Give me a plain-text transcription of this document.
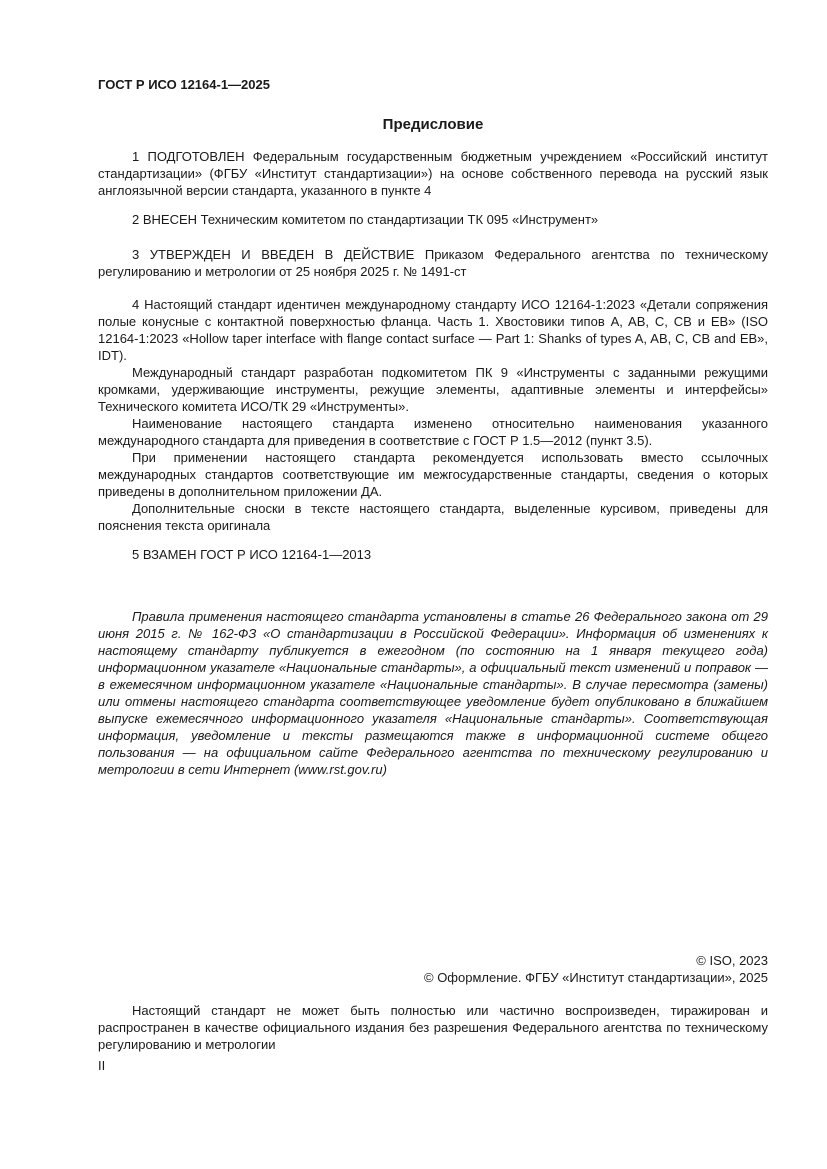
ГОСТ Р ИСО 12164-1—2025
Предисловие

1 ПОДГОТОВЛЕН Федеральным государственным бюджетным учреждением «Российский институт стандартизации» (ФГБУ «Институт стандартизации») на основе собственного перевода на русский язык англоязычной версии стандарта, указанного в пункте 4

2 ВНЕСЕН Техническим комитетом по стандартизации ТК 095 «Инструмент»

3 УТВЕРЖДЕН И ВВЕДЕН В ДЕЙСТВИЕ Приказом Федерального агентства по техническому регулированию и метрологии от 25 ноября 2025 г. № 1491-ст

4 Настоящий стандарт идентичен международному стандарту ИСО 12164-1:2023 «Детали сопряжения полые конусные с контактной поверхностью фланца. Часть 1. Хвостовики типов A, AB, C, CB и EB» (ISO 12164-1:2023 «Hollow taper interface with flange contact surface — Part 1: Shanks of types A, AB, C, CB and EB», IDT).

Международный стандарт разработан подкомитетом ПК 9 «Инструменты с заданными режущими кромками, удерживающие инструменты, режущие элементы, адаптивные элементы и интерфейсы» Технического комитета ИСО/ТК 29 «Инструменты».

Наименование настоящего стандарта изменено относительно наименования указанного международного стандарта для приведения в соответствие с ГОСТ Р 1.5—2012 (пункт 3.5).

При применении настоящего стандарта рекомендуется использовать вместо ссылочных международных стандартов соответствующие им межгосударственные стандарты, сведения о которых приведены в дополнительном приложении ДА.

Дополнительные сноски в тексте настоящего стандарта, выделенные курсивом, приведены для пояснения текста оригинала

5 ВЗАМЕН ГОСТ Р ИСО 12164-1—2013

Правила применения настоящего стандарта установлены в статье 26 Федерального закона от 29 июня 2015 г. № 162-ФЗ «О стандартизации в Российской Федерации». Информация об изменениях к настоящему стандарту публикуется в ежегодном (по состоянию на 1 января текущего года) информационном указателе «Национальные стандарты», а официальный текст изменений и поправок — в ежемесячном информационном указателе «Национальные стандарты». В случае пересмотра (замены) или отмены настоящего стандарта соответствующее уведомление будет опубликовано в ближайшем выпуске ежемесячного информационного указателя «Национальные стандарты». Соответствующая информация, уведомление и тексты размещаются также в информационной системе общего пользования — на официальном сайте Федерального агентства по техническому регулированию и метрологии в сети Интернет (www.rst.gov.ru)

© ISO, 2023
© Оформление. ФГБУ «Институт стандартизации», 2025

Настоящий стандарт не может быть полностью или частично воспроизведен, тиражирован и распространен в качестве официального издания без разрешения Федерального агентства по техническому регулированию и метрологии

II
